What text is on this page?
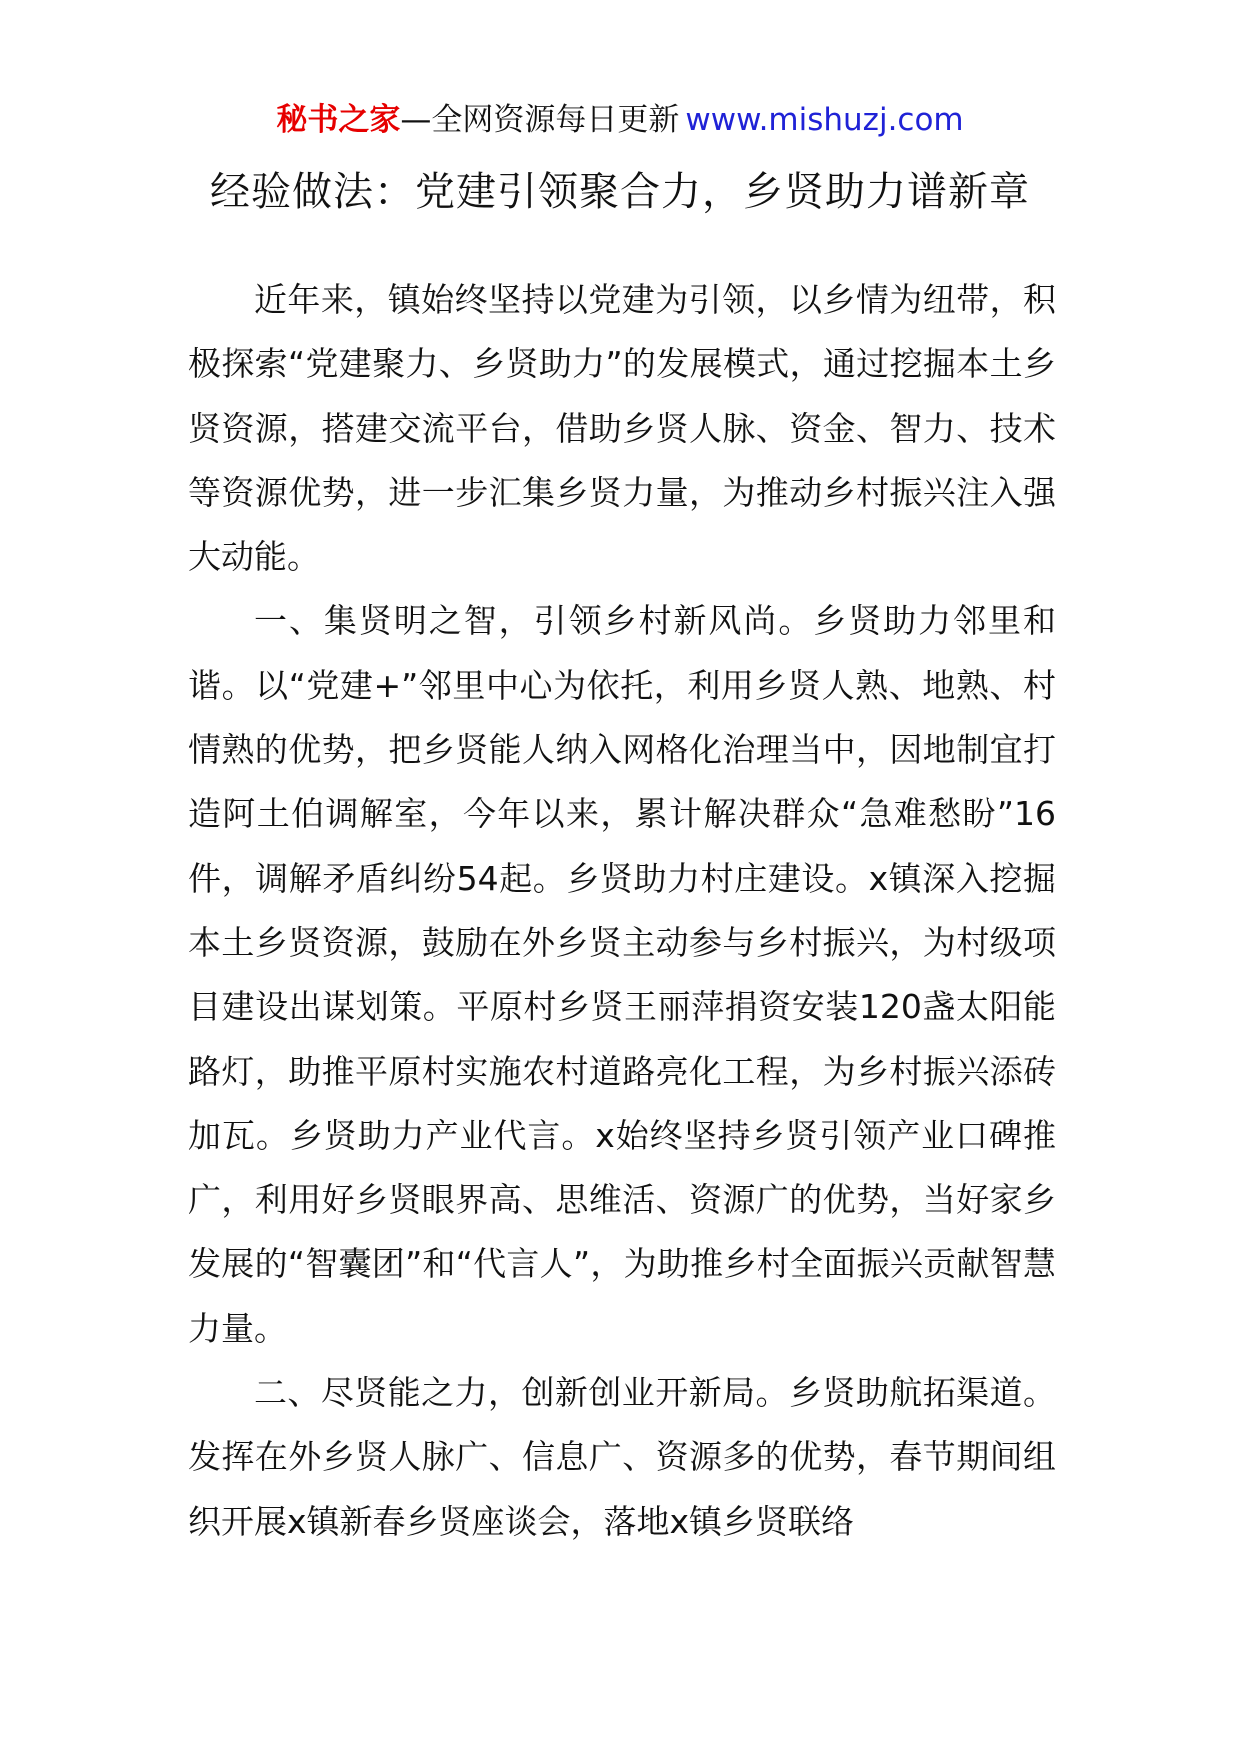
秘书之家—全网资源每日更新 www.mishuzj.com
经验做法：党建引领聚合力，乡贤助力谱新章

近年来，镇始终坚持以党建为引领，以乡情为纽带，积极探索“党建聚力、乡贤助力”的发展模式，通过挖掘本土乡贤资源，搭建交流平台，借助乡贤人脉、资金、智力、技术等资源优势，进一步汇集乡贤力量，为推动乡村振兴注入强大动能。

一、集贤明之智，引领乡村新风尚。乡贤助力邻里和谐。以“党建+”邻里中心为依托，利用乡贤人熟、地熟、村情熟的优势，把乡贤能人纳入网格化治理当中，因地制宜打造阿土伯调解室，今年以来，累计解决群众“急难愁盼”16件，调解矛盾纠纷54起。乡贤助力村庄建设。x镇深入挖掘本土乡贤资源，鼓励在外乡贤主动参与乡村振兴，为村级项目建设出谋划策。平原村乡贤王丽萍捐资安装120盏太阳能路灯，助推平原村实施农村道路亮化工程，为乡村振兴添砖加瓦。乡贤助力产业代言。x始终坚持乡贤引领产业口碑推广，利用好乡贤眼界高、思维活、资源广的优势，当好家乡发展的“智囊团”和“代言人”，为助推乡村全面振兴贡献智慧力量。

二、尽贤能之力，创新创业开新局。乡贤助航拓渠道。发挥在外乡贤人脉广、信息广、资源多的优势，春节期间组织开展x镇新春乡贤座谈会，落地x镇乡贤联络
